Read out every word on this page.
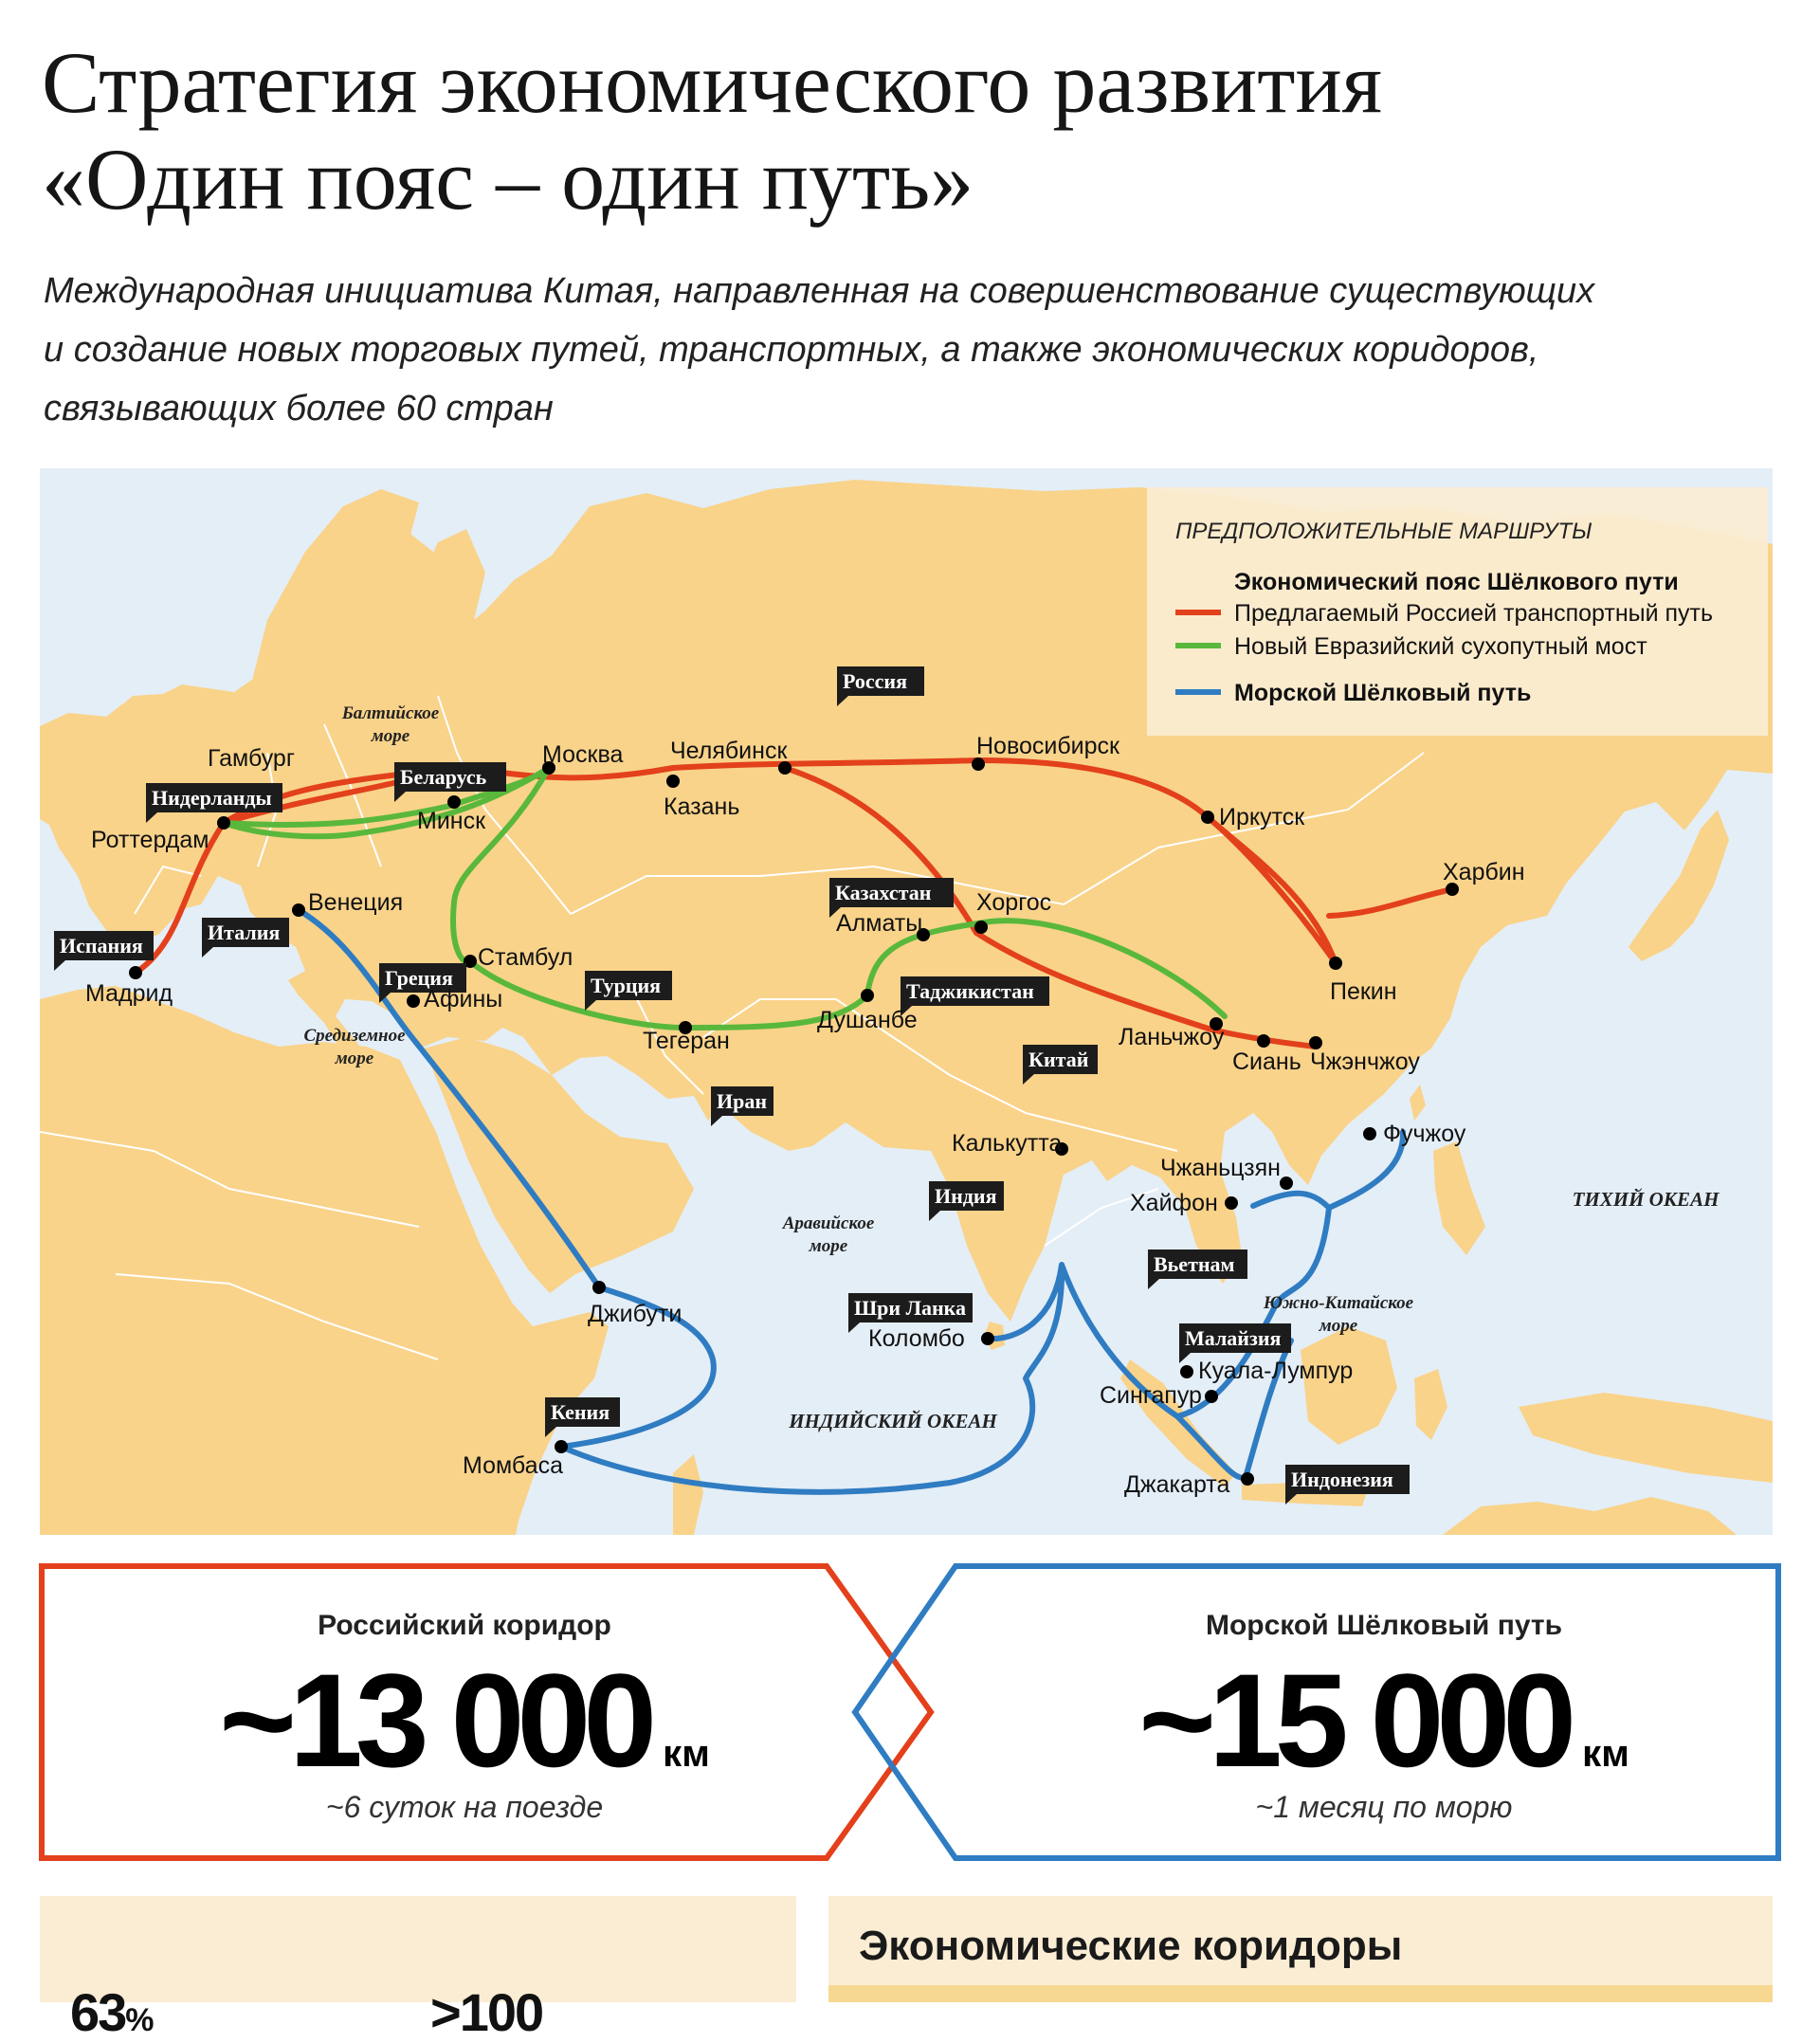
Стратегия экономического развития
«Один пояс – один путь»

Международная инициатива Китая, направленная на совершенствование существующих
и создание новых торговых путей, транспортных, а также экономических коридоров,
связывающих более 60 стран

ПРЕДПОЛОЖИТЕЛЬНЫЕ МАРШРУТЫ
Экономический пояс Шёлкового пути
Предлагаемый Россией транспортный путь
Новый Евразийский сухопутный мост
Морской Шёлковый путь
Балтийское море
Средиземное море
Аравийское море
Южно-Китайское море
ТИХИЙ ОКЕАН
ИНДИЙСКИЙ ОКЕАН
Россия
Беларусь
Нидерланды
Испания
Италия
Греция	Турция
Казахстан
Таджикистан
Китай
Иран
Индия
Шри Ланка
Вьетнам
Малайзия
Индонезия
Кения
Гамбург	Москва Челябинск	Новосибирск
Иркутск
Харбин
Пекин
Казань
Минск
Роттердам
Мадрид
Венеция
Стамбул
Афины
Тегеран
Душанбе
Алматы
Хоргос
Ланьчжоу
Сиань Чжэнчжоу
Фучжоу
Калькутта
Чжаньцзян
Хайфон
Коломбо
Куала-Лумпур
Сингапур
Джакарта
Джибути
Момбаса
Российский коридор
~13 000 км
~6 суток на поезде
Морской Шёлковый путь
~15 000 км
~1 месяц по морю
63%	>100
Экономические коридоры
